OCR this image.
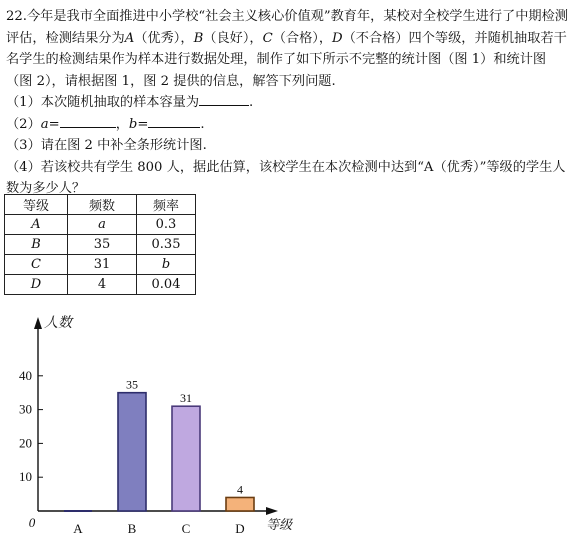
22.今年是我市全面推进中小学校“社会主义核心价值观”教育年，某校对全校学生进行了中期检测评估，检测结果分为A（优秀），B（良好），C（合格），D（不合格）四个等级，并随机抽取若干名学生的检测结果作为样本进行数据处理，制作了如下所示不完整的统计图（图 1）和统计图（图 2），请根据图 1，图 2 提供的信息，解答下列问题.

（1）本次随机抽取的样本容量为	.

（2）a=	，b=	.

（3）请在图 2 中补全条形统计图.

（4）若该校共有学生 800 人，据此估算，该校学生在本次检测中达到“A（优秀）”等级的学生人数为多少人？

等级	频数	频率
A	a	0.3
B	35	0.35
C	31	b
D	4	0.04
人数
等级
0
10
20
30
40
A
35
B
31
C
4
D
